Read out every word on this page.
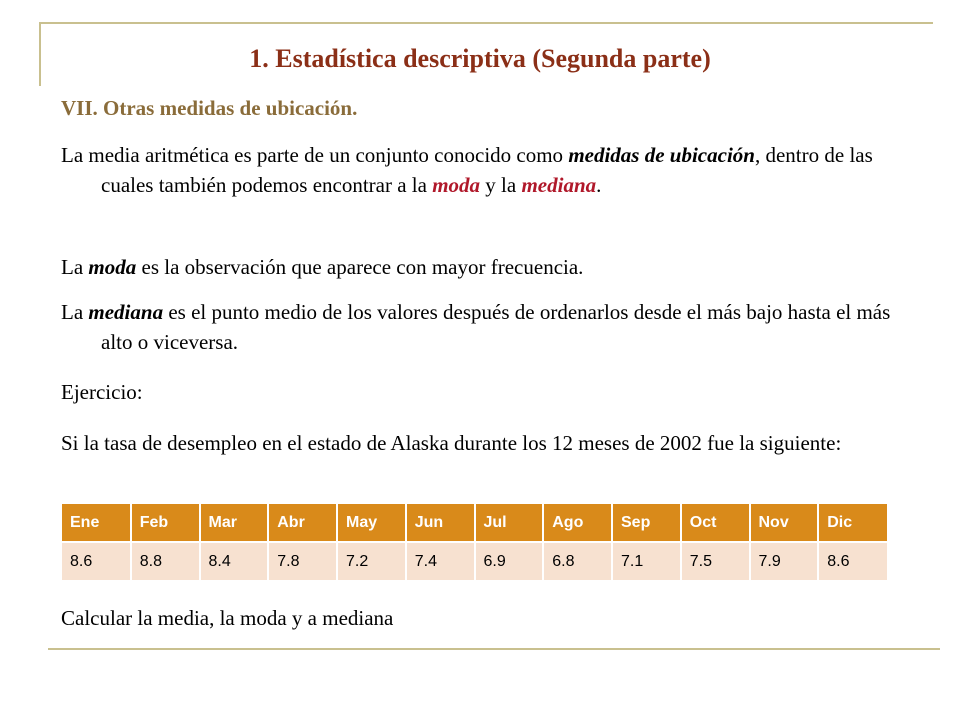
1. Estadística descriptiva (Segunda parte)
VII. Otras medidas de ubicación.

La media aritmética es parte de un conjunto conocido como medidas de ubicación, dentro de las cuales también podemos encontrar a la moda y la mediana.

La moda es la observación que aparece con mayor frecuencia.

La mediana es el punto medio de los valores después de ordenarlos desde el más bajo hasta el más alto o viceversa.

Ejercicio:

Si la tasa de desempleo en el estado de Alaska durante los 12 meses de 2002 fue la siguiente:

Ene	Feb	Mar	Abr	May	Jun	Jul	Ago	Sep	Oct	Nov	Dic
8.6	8.8	8.4	7.8	7.2	7.4	6.9	6.8	7.1	7.5	7.9	8.6

Calcular la media, la moda y a mediana
